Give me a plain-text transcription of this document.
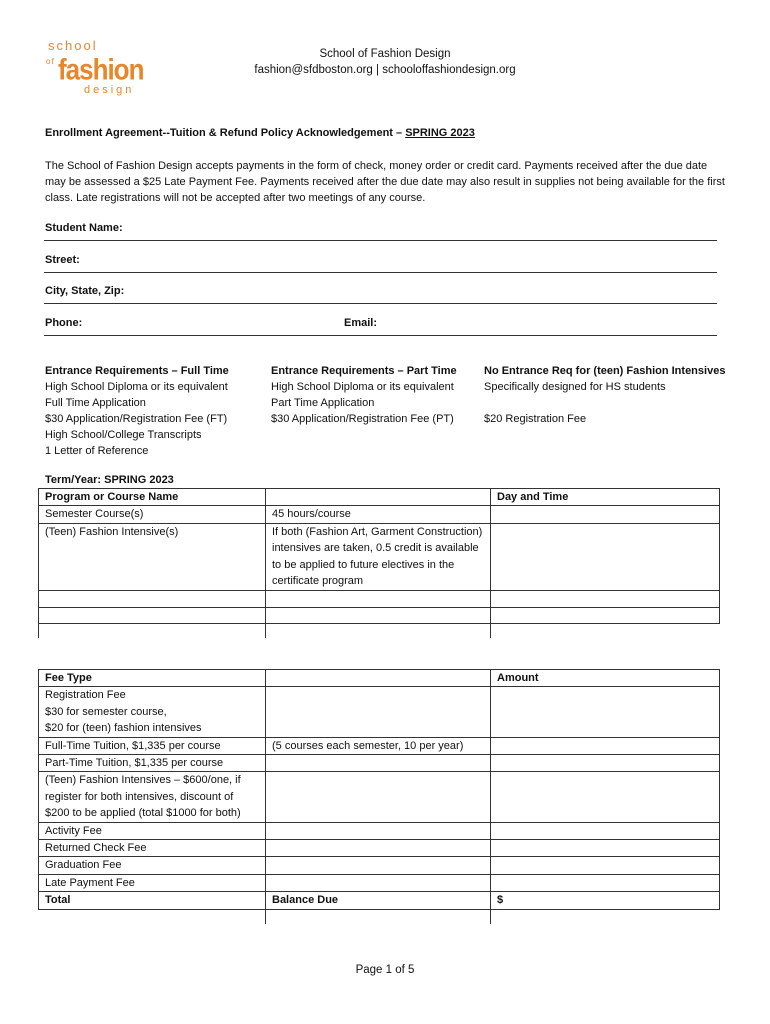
school
of fashion
design
School of Fashion Design
fashion@sfdboston.org | schooloffashiondesign.org
Enrollment Agreement--Tuition & Refund Policy Acknowledgement – SPRING 2023
The School of Fashion Design accepts payments in the form of check, money order or credit card. Payments received after the due date may be assessed a $25 Late Payment Fee. Payments received after the due date may also result in supplies not being available for the first class. Late registrations will not be accepted after two meetings of any course.
Student Name:
Street:
City, State, Zip:
Phone:	Email:
Entrance Requirements – Full Time
High School Diploma or its equivalent
Full Time Application
$30 Application/Registration Fee (FT)
High School/College Transcripts
1 Letter of Reference
Entrance Requirements – Part Time
High School Diploma or its equivalent
Part Time Application
$30 Application/Registration Fee (PT)
No Entrance Req for (teen) Fashion Intensives
Specifically designed for HS students
$20 Registration Fee
Term/Year: SPRING 2023
Program or Course Name		Day and Time
Semester Course(s)	45 hours/course	
(Teen) Fashion Intensive(s)	If both (Fashion Art, Garment Construction) intensives are taken, 0.5 credit is available to be applied to future electives in the certificate program	

Fee Type		Amount

Registration Fee
$30 for semester course,
$20 for (teen) fashion intensives		

Full-Time Tuition, $1,335 per course	(5 courses each semester, 10 per year)	
Part-Time Tuition, $1,335 per course		

(Teen) Fashion Intensives – $600/one, if
register for both intensives, discount of
$200 to be applied (total $1000 for both)		

Activity Fee		
Returned Check Fee		
Graduation Fee		
Late Payment Fee		
Total	Balance Due	$

Page 1 of 5
